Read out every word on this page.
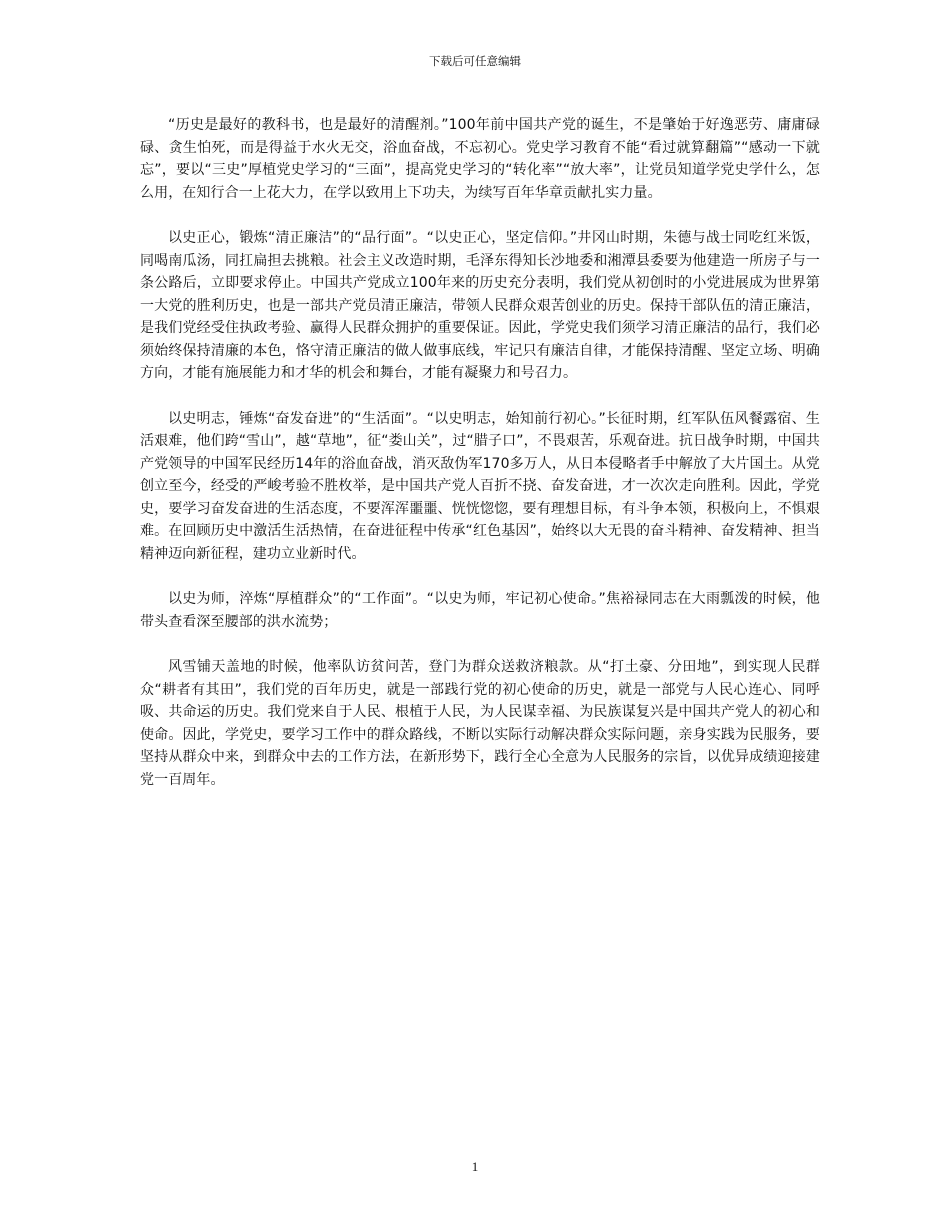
下载后可任意编辑

“历史是最好的教科书，也是最好的清醒剂。”100年前中国共产党的诞生，不是肇始于好逸恶劳、庸庸碌碌、贪生怕死，而是得益于水火无交，浴血奋战，不忘初心。党史学习教育不能“看过就算翻篇”“感动一下就忘”，要以“三史”厚植党史学习的“三面”，提高党史学习的“转化率”“放大率”，让党员知道学党史学什么，怎么用，在知行合一上花大力，在学以致用上下功夫，为续写百年华章贡献扎实力量。

以史正心，锻炼“清正廉洁”的“品行面”。“以史正心，坚定信仰。”井冈山时期，朱德与战士同吃红米饭，同喝南瓜汤，同扛扁担去挑粮。社会主义改造时期，毛泽东得知长沙地委和湘潭县委要为他建造一所房子与一条公路后，立即要求停止。中国共产党成立100年来的历史充分表明，我们党从初创时的小党进展成为世界第一大党的胜利历史，也是一部共产党员清正廉洁，带领人民群众艰苦创业的历史。保持干部队伍的清正廉洁，是我们党经受住执政考验、赢得人民群众拥护的重要保证。因此，学党史我们须学习清正廉洁的品行，我们必须始终保持清廉的本色，恪守清正廉洁的做人做事底线，牢记只有廉洁自律，才能保持清醒、坚定立场、明确方向，才能有施展能力和才华的机会和舞台，才能有凝聚力和号召力。

以史明志，锤炼“奋发奋进”的“生活面”。“以史明志，始知前行初心。”长征时期，红军队伍风餐露宿、生活艰难，他们跨“雪山”，越“草地”，征“娄山关”，过“腊子口”，不畏艰苦，乐观奋进。抗日战争时期，中国共产党领导的中国军民经历14年的浴血奋战，消灭敌伪军170多万人，从日本侵略者手中解放了大片国土。从党创立至今，经受的严峻考验不胜枚举，是中国共产党人百折不挠、奋发奋进，才一次次走向胜利。因此，学党史，要学习奋发奋进的生活态度，不要浑浑噩噩、恍恍惚惚，要有理想目标，有斗争本领，积极向上，不惧艰难。在回顾历史中激活生活热情，在奋进征程中传承“红色基因”，始终以大无畏的奋斗精神、奋发精神、担当精神迈向新征程，建功立业新时代。

以史为师，淬炼“厚植群众”的“工作面”。“以史为师，牢记初心使命。”焦裕禄同志在大雨瓢泼的时候，他带头查看深至腰部的洪水流势；

风雪铺天盖地的时候，他率队访贫问苦，登门为群众送救济粮款。从“打土豪、分田地”，到实现人民群众“耕者有其田”，我们党的百年历史，就是一部践行党的初心使命的历史，就是一部党与人民心连心、同呼吸、共命运的历史。我们党来自于人民、根植于人民，为人民谋幸福、为民族谋复兴是中国共产党人的初心和使命。因此，学党史，要学习工作中的群众路线，不断以实际行动解决群众实际问题，亲身实践为民服务，要坚持从群众中来，到群众中去的工作方法，在新形势下，践行全心全意为人民服务的宗旨，以优异成绩迎接建党一百周年。

1
